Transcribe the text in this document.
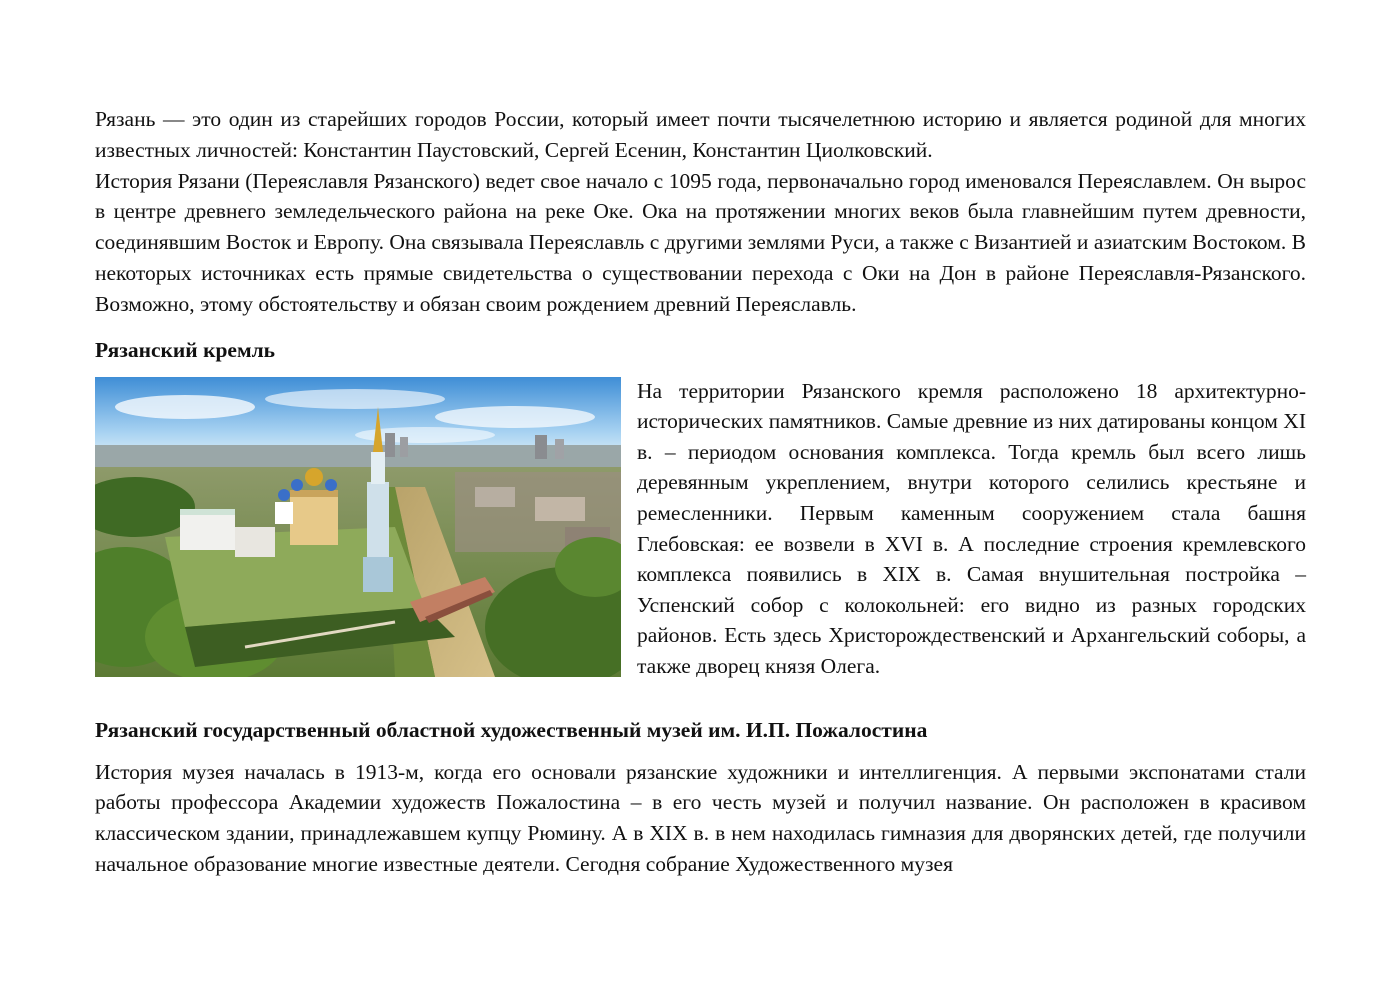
Рязань — это один из старейших городов России, который имеет почти тысячелетнюю историю и является родиной для многих известных личностей: Константин Паустовский, Сергей Есенин, Константин Циолковский.

История Рязани (Переяславля Рязанского) ведет свое начало с 1095 года, первоначально город именовался Переяславлем. Он вырос в центре древнего земледельческого района на реке Оке. Ока на протяжении многих веков была главнейшим путем древности, соединявшим Восток и Европу. Она связывала Переяславль с другими землями Руси, а также с Византией и азиатским Востоком. В некоторых источниках есть прямые свидетельства о существовании перехода с Оки на Дон в районе Переяславля-Рязанского. Возможно, этому обстоятельству и обязан своим рождением древний Переяславль.

Рязанский кремль

На территории Рязанского кремля расположено 18 архитектурно-исторических памятников. Самые древние из них датированы концом XI в. – периодом основания комплекса. Тогда кремль был всего лишь деревянным укреплением, внутри которого селились крестьяне и ремесленники. Первым каменным сооружением стала башня Глебовская: ее возвели в XVI в. А последние строения кремлевского комплекса появились в XIX в. Самая внушительная постройка – Успенский собор с колокольней: его видно из разных городских районов. Есть здесь Христорождественский и Архангельский соборы, а также дворец князя Олега.

Рязанский государственный областной художественный музей им. И.П. Пожалостина

История музея началась в 1913-м, когда его основали рязанские художники и интеллигенция. А первыми экспонатами стали работы профессора Академии художеств Пожалостина – в его честь музей и получил название. Он расположен в красивом классическом здании, принадлежавшем купцу Рюмину. А в XIX в. в нем находилась гимназия для дворянских детей, где получили начальное образование многие известные деятели. Сегодня собрание Художественного музея
